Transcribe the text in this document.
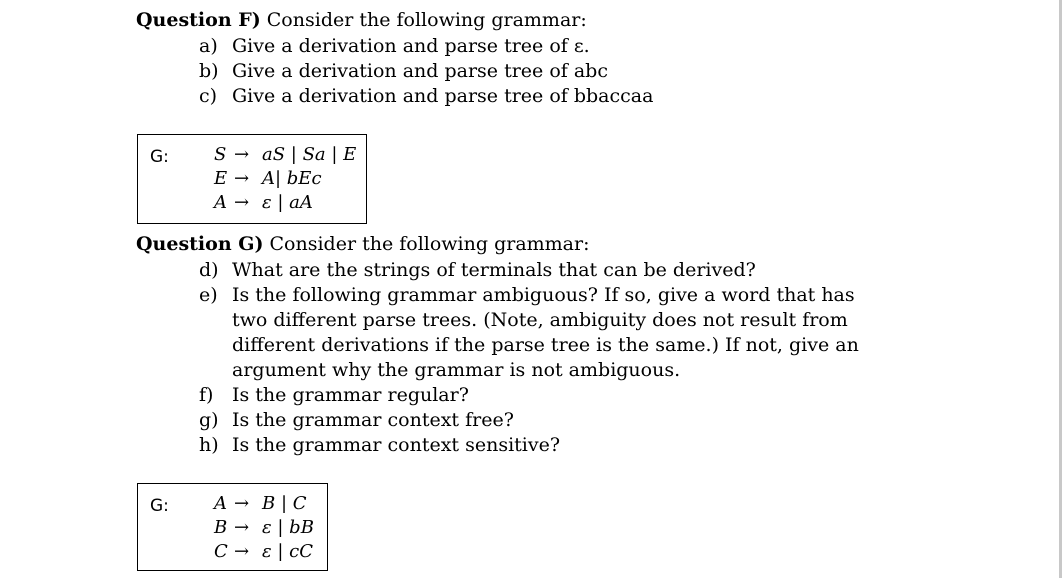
Question F) Consider the following grammar:
a) Give a derivation and parse tree of ε.
b) Give a derivation and parse tree of abc
c) Give a derivation and parse tree of bbaccaa
G:	S → aS | Sa | E
E → A| bEc
A → ε | aA
Question G) Consider the following grammar:
d) What are the strings of terminals that can be derived?
e) Is the following grammar ambiguous? If so, give a word that has two different parse trees. (Note, ambiguity does not result from different derivations if the parse tree is the same.) If not, give an argument why the grammar is not ambiguous.
f) Is the grammar regular?
g) Is the grammar context free?
h) Is the grammar context sensitive?
G:	A → B | C
B → ε | bB
C → ε | cC
